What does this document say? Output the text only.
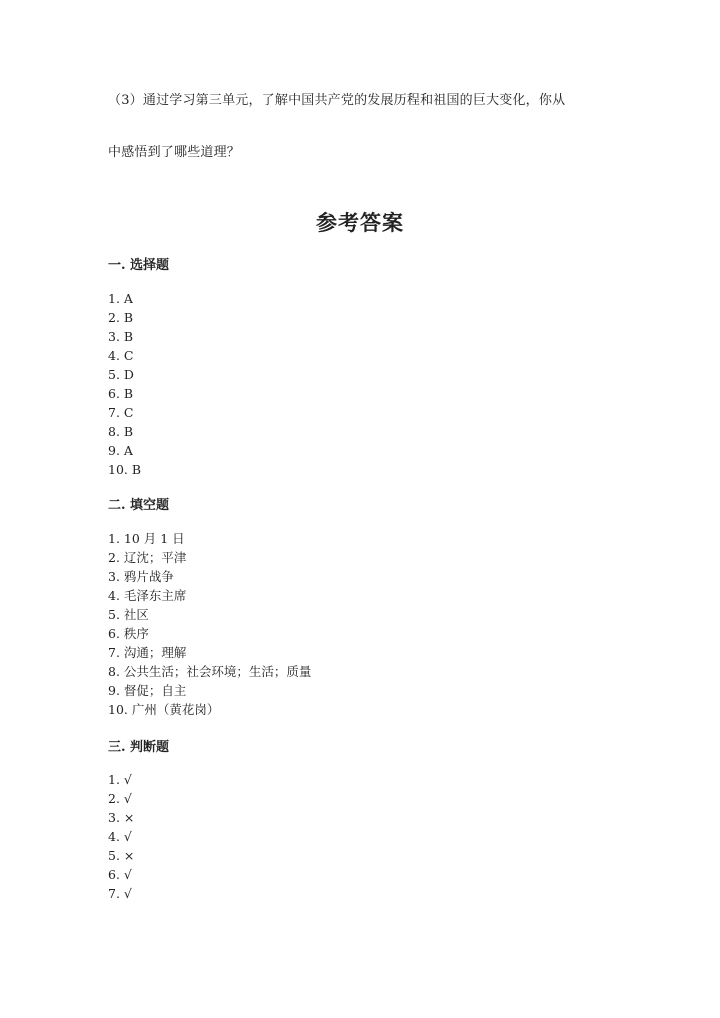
（3）通过学习第三单元，了解中国共产党的发展历程和祖国的巨大变化，你从
中感悟到了哪些道理？
参考答案
一. 选择题
1. A
2. B
3. B
4. C
5. D
6. B
7. C
8. B
9. A
10. B
二. 填空题
1. 10 月 1 日
2. 辽沈；平津
3. 鸦片战争
4. 毛泽东主席
5. 社区
6. 秩序
7. 沟通；理解
8. 公共生活；社会环境；生活；质量
9. 督促；自主
10. 广州（黄花岗）
三. 判断题
1. √
2. √
3. ×
4. √
5. ×
6. √
7. √
